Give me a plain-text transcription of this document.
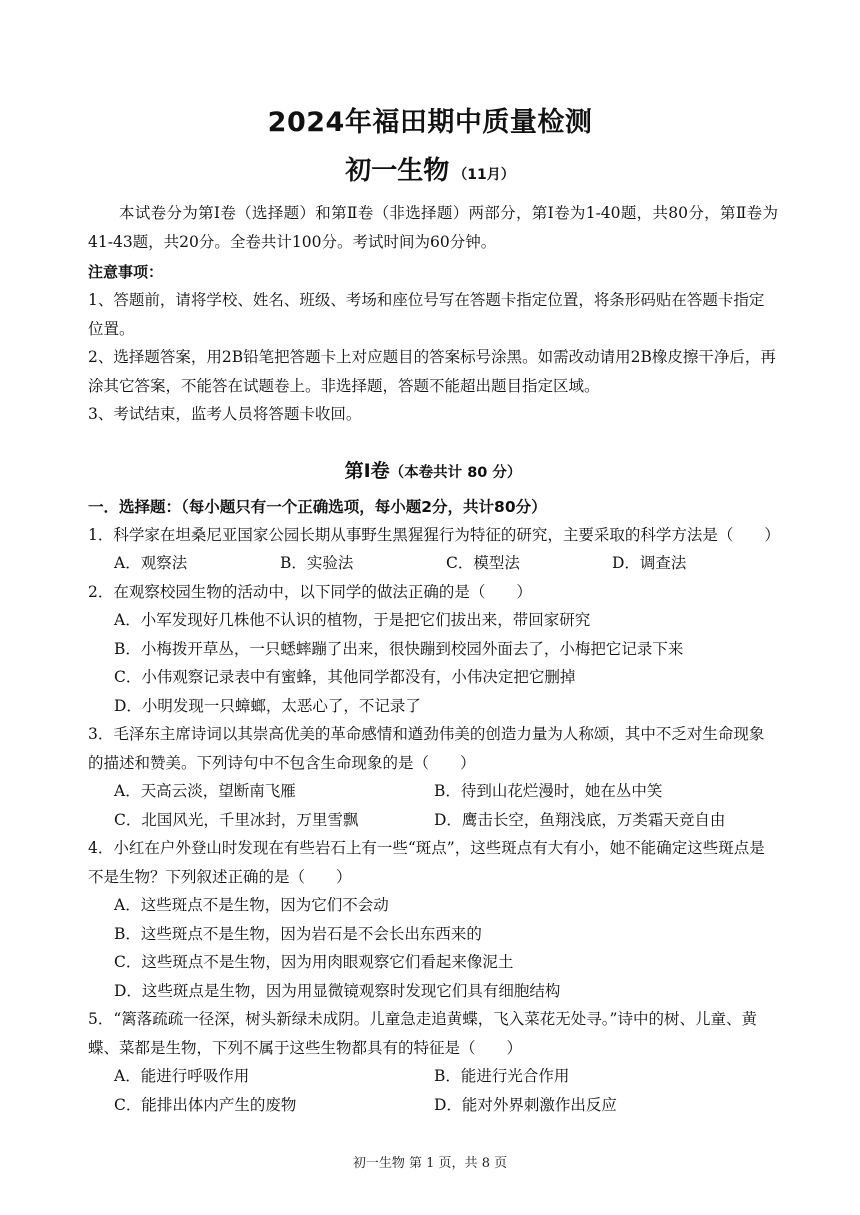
2024年福田期中质量检测
初一生物 （11月）

本试卷分为第Ⅰ卷（选择题）和第Ⅱ卷（非选择题）两部分，第Ⅰ卷为1-40题，共80分，第Ⅱ卷为41-43题，共20分。全卷共计100分。考试时间为60分钟。

注意事项：

1、答题前，请将学校、姓名、班级、考场和座位号写在答题卡指定位置，将条形码贴在答题卡指定位置。

2、选择题答案，用2B铅笔把答题卡上对应题目的答案标号涂黑。如需改动请用2B橡皮擦干净后，再涂其它答案，不能答在试题卷上。非选择题，答题不能超出题目指定区域。

3、考试结束，监考人员将答题卡收回。

第Ⅰ卷（本卷共计 80 分）
一．选择题：（每小题只有一个正确选项，每小题2分，共计80分）

1．科学家在坦桑尼亚国家公园长期从事野生黑猩猩行为特征的研究，主要采取的科学方法是（　　）

A．观察法	B．实验法	C．模型法	D．调查法

2．在观察校园生物的活动中，以下同学的做法正确的是（　　）

A．小军发现好几株他不认识的植物，于是把它们拔出来，带回家研究
B．小梅拨开草丛，一只蟋蟀蹦了出来，很快蹦到校园外面去了，小梅把它记录下来
C．小伟观察记录表中有蜜蜂，其他同学都没有，小伟决定把它删掉
D．小明发现一只蟑螂，太恶心了，不记录了

3．毛泽东主席诗词以其崇高优美的革命感情和遒劲伟美的创造力量为人称颂，其中不乏对生命现象的描述和赞美。下列诗句中不包含生命现象的是（　　）

A．天高云淡，望断南飞雁	B．待到山花烂漫时，她在丛中笑
C．北国风光，千里冰封，万里雪飘	D．鹰击长空，鱼翔浅底，万类霜天竞自由

4．小红在户外登山时发现在有些岩石上有一些“斑点”，这些斑点有大有小，她不能确定这些斑点是不是生物？下列叙述正确的是（　　）

A．这些斑点不是生物，因为它们不会动
B．这些斑点不是生物，因为岩石是不会长出东西来的
C．这些斑点不是生物，因为用肉眼观察它们看起来像泥土
D．这些斑点是生物，因为用显微镜观察时发现它们具有细胞结构

5．“篱落疏疏一径深，树头新绿未成阴。儿童急走追黄蝶，飞入菜花无处寻。”诗中的树、儿童、黄蝶、菜都是生物，下列不属于这些生物都具有的特征是（　　）

A．能进行呼吸作用	B．能进行光合作用
C．能排出体内产生的废物	D．能对外界刺激作出反应
初一生物 第 1 页，共 8 页
